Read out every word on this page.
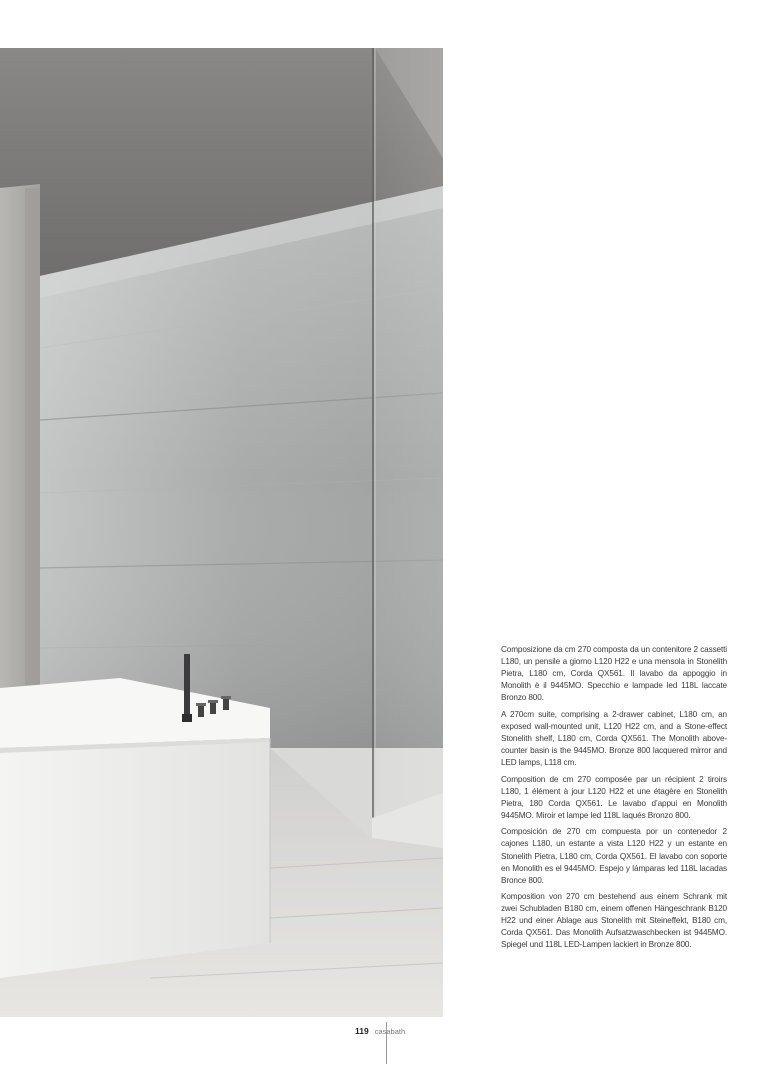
Composizione da cm 270 composta da un contenitore 2 cassetti L180, un pensile a giorno L120 H22 e una mensola in Stonelith Pietra, L180 cm, Corda QX561. Il lavabo da appoggio in Monolith è il 9445MO. Specchio e lampade led 118L laccate Bronzo 800.

A 270cm suite, comprising a 2-drawer cabinet, L180 cm, an exposed wall-mounted unit, L120 H22 cm, and a Stone-effect Stonelith shelf, L180 cm, Corda QX561. The Monolith above-counter basin is the 9445MO. Bronze 800 lacquered mirror and LED lamps, L118 cm.

Composition de cm 270 composée par un récipient 2 tiroirs L180, 1 élément à jour L120 H22 et une étagère en Stonelith Pietra, 180 Corda QX561. Le lavabo d’appui en Monolith 9445MO. Miroir et lampe led 118L laqués Bronzo 800.

Composición de 270 cm compuesta por un contenedor 2 cajones L180, un estante a vista L120 H22 y un estante en Stonelith Pietra, L180 cm, Corda QX561. El lavabo con soporte en Monolith es el 9445MO. Espejo y lámparas led 118L lacadas Bronce 800.

Komposition von 270 cm bestehend aus einem Schrank mit zwei Schubladen B180 cm, einem offenen Hängeschrank B120 H22 und einer Ablage aus Stonelith mit Steineffekt, B180 cm, Corda QX561. Das Monolith Aufsatzwaschbecken ist 9445MO. Spiegel und 118L LED-Lampen lackiert in Bronze 800.

119 casabath
